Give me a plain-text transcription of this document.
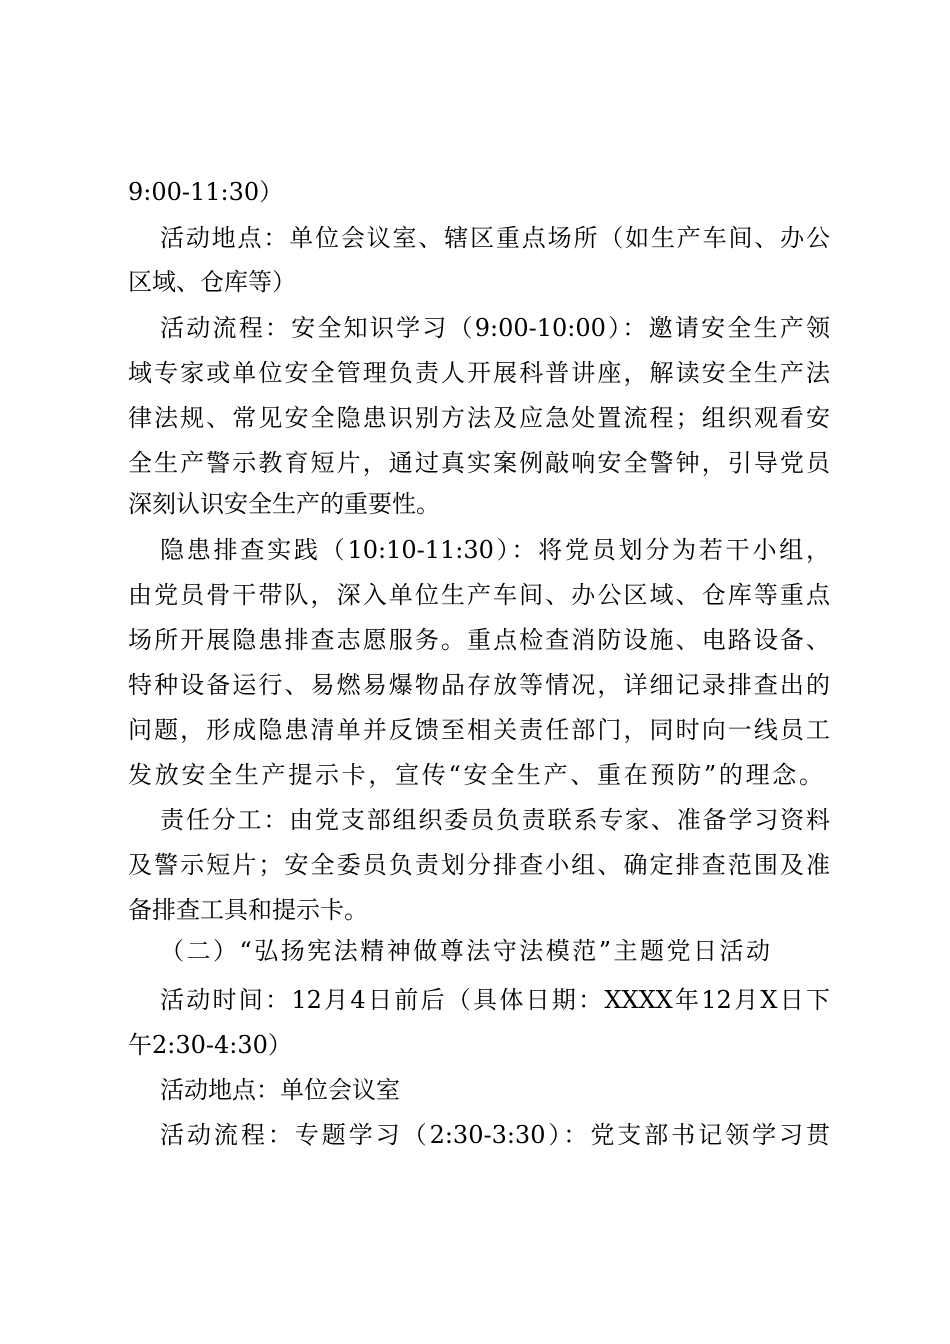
9:00-11:30）
活动地点：单位会议室、辖区重点场所（如生产车间、办公
区域、仓库等）
活动流程：安全知识学习（9:00-10:00）：邀请安全生产领
域专家或单位安全管理负责人开展科普讲座，解读安全生产法
律法规、常见安全隐患识别方法及应急处置流程；组织观看安
全生产警示教育短片，通过真实案例敲响安全警钟，引导党员
深刻认识安全生产的重要性。
隐患排查实践（10:10-11:30）：将党员划分为若干小组，
由党员骨干带队，深入单位生产车间、办公区域、仓库等重点
场所开展隐患排查志愿服务。重点检查消防设施、电路设备、
特种设备运行、易燃易爆物品存放等情况，详细记录排查出的
问题，形成隐患清单并反馈至相关责任部门，同时向一线员工
发放安全生产提示卡，宣传“安全生产、重在预防”的理念。
责任分工：由党支部组织委员负责联系专家、准备学习资料
及警示短片；安全委员负责划分排查小组、确定排查范围及准
备排查工具和提示卡。
（二）“弘扬宪法精神做尊法守法模范”主题党日活动
活动时间：12月4日前后（具体日期：XXXX年12月X日下
午2:30-4:30）
活动地点：单位会议室
活动流程：专题学习（2:30-3:30）：党支部书记领学习贯
